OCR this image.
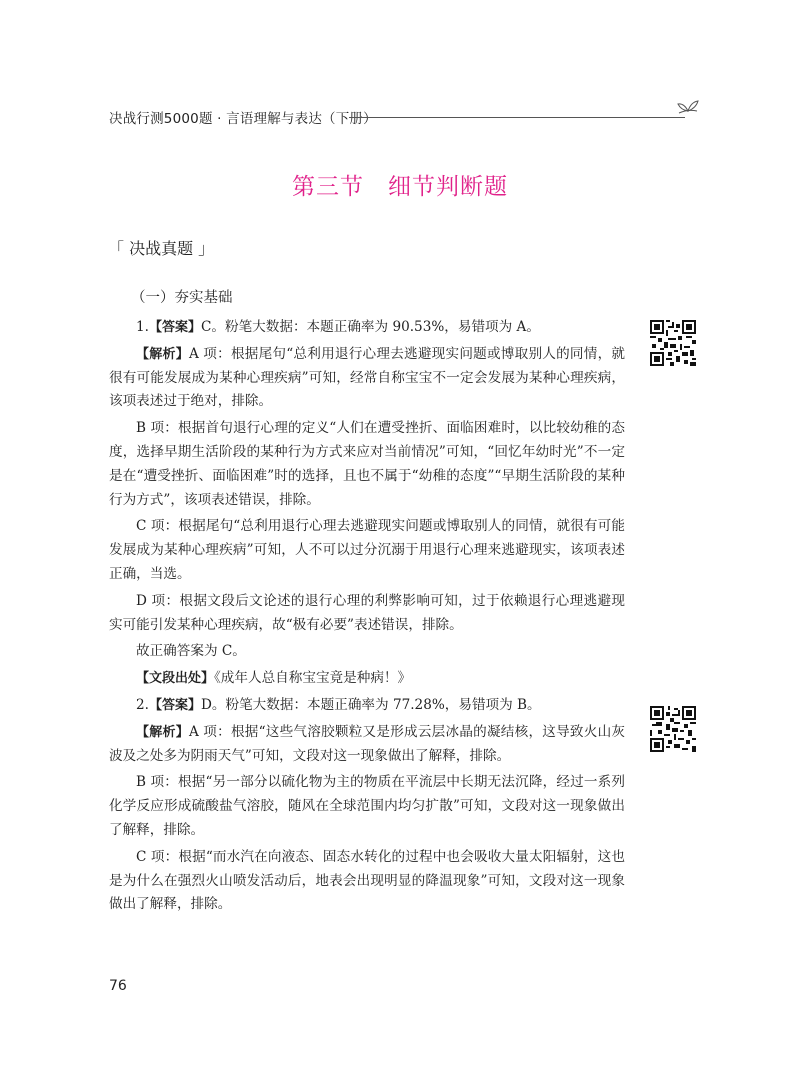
决战行测5000题 · 言语理解与表达（下册）
第三节　细节判断题
「 决战真题 」
（一）夯实基础

1.【答案】C。粉笔大数据：本题正确率为 90.53%，易错项为 A。

【解析】A 项：根据尾句“总利用退行心理去逃避现实问题或博取别人的同情，就很有可能发展成为某种心理疾病”可知，经常自称宝宝不一定会发展为某种心理疾病，该项表述过于绝对，排除。

B 项：根据首句退行心理的定义“人们在遭受挫折、面临困难时，以比较幼稚的态度，选择早期生活阶段的某种行为方式来应对当前情况”可知，“回忆年幼时光”不一定是在“遭受挫折、面临困难”时的选择，且也不属于“幼稚的态度”“早期生活阶段的某种行为方式”，该项表述错误，排除。

C 项：根据尾句“总利用退行心理去逃避现实问题或博取别人的同情，就很有可能发展成为某种心理疾病”可知，人不可以过分沉溺于用退行心理来逃避现实，该项表述正确，当选。

D 项：根据文段后文论述的退行心理的利弊影响可知，过于依赖退行心理逃避现实可能引发某种心理疾病，故“极有必要”表述错误，排除。

故正确答案为 C。

【文段出处】《成年人总自称宝宝竟是种病！》

2.【答案】D。粉笔大数据：本题正确率为 77.28%，易错项为 B。

【解析】A 项：根据“这些气溶胶颗粒又是形成云层冰晶的凝结核，这导致火山灰波及之处多为阴雨天气”可知，文段对这一现象做出了解释，排除。

B 项：根据“另一部分以硫化物为主的物质在平流层中长期无法沉降，经过一系列化学反应形成硫酸盐气溶胶，随风在全球范围内均匀扩散”可知，文段对这一现象做出了解释，排除。

C 项：根据“而水汽在向液态、固态水转化的过程中也会吸收大量太阳辐射，这也是为什么在强烈火山喷发活动后，地表会出现明显的降温现象”可知，文段对这一现象做出了解释，排除。

76
